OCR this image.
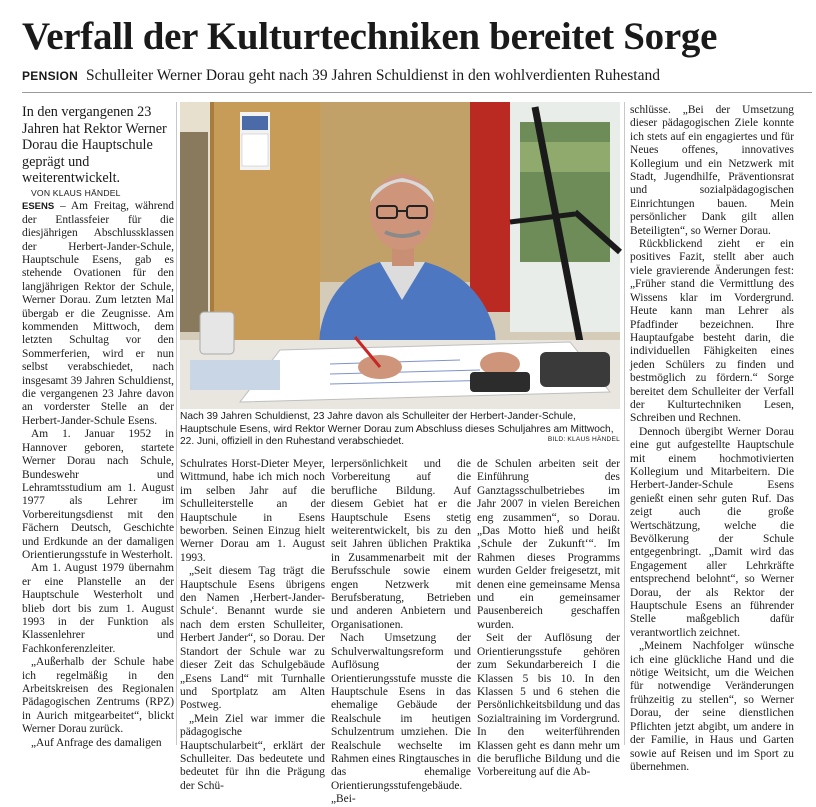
Verfall der Kulturtechniken bereitet Sorge
PENSION Schulleiter Werner Dorau geht nach 39 Jahren Schuldienst in den wohlverdienten Ruhestand

In den vergangenen 23 Jahren hat Rektor Werner Dorau die Hauptschule geprägt und weiterentwickelt.

VON KLAUS HÄNDEL

ESENS – Am Freitag, während der Entlassfeier für die diesjährigen Abschlussklassen der Herbert-Jander-Schule, Hauptschule Esens, gab es stehende Ovationen für den langjährigen Rektor der Schule, Werner Dorau. Zum letzten Mal übergab er die Zeugnisse. Am kommenden Mittwoch, dem letzten Schultag vor den Sommerferien, wird er nun selbst verabschiedet, nach insgesamt 39 Jahren Schuldienst, die vergangenen 23 Jahre davon an vorderster Stelle an der Herbert-Jander-Schule Esens.

Am 1. Januar 1952 in Hannover geboren, startete Werner Dorau nach Schule, Bundeswehr und Lehramtsstudium am 1. August 1977 als Lehrer im Vorbereitungsdienst mit den Fächern Deutsch, Geschichte und Erdkunde an der damaligen Orientierungsstufe in Westerholt.

Am 1. August 1979 übernahm er eine Planstelle an der Hauptschule Westerholt und blieb dort bis zum 1. August 1993 in der Funktion als Klassenlehrer und Fachkonferenzleiter.

„Außerhalb der Schule habe ich regelmäßig in den Arbeitskreisen des Regionalen Pädagogischen Zentrums (RPZ) in Aurich mitgearbeitet“, blickt Werner Dorau zurück.

„Auf Anfrage des damaligen

Nach 39 Jahren Schuldienst, 23 Jahre davon als Schulleiter der Herbert-Jander-Schule, Hauptschule Esens, wird Rektor Werner Dorau zum Abschluss dieses Schuljahres am Mittwoch, 22. Juni, offiziell in den Ruhestand verabschiedet.	BILD: KLAUS HÄNDEL

Schulrates Horst-Dieter Meyer, Wittmund, habe ich mich noch im selben Jahr auf die Schulleiterstelle an der Hauptschule in Esens beworben. Seinen Einzug hielt Werner Dorau am 1. August 1993.

„Seit diesem Tag trägt die Hauptschule Esens übrigens den Namen ‚Herbert-Jander-Schule‘. Benannt wurde sie nach dem ersten Schulleiter, Herbert Jander“, so Dorau. Der Standort der Schule war zu dieser Zeit das Schulgebäude „Esens Land“ mit Turnhalle und Sportplatz am Alten Postweg.

„Mein Ziel war immer die pädagogische Hauptschularbeit“, erklärt der Schulleiter. Das bedeutete und bedeutet für ihn die Prägung der Schü-

lerpersönlichkeit und die Vorbereitung auf die berufliche Bildung. Auf diesem Gebiet hat er die Hauptschule Esens stetig weiterentwickelt, bis zu den seit Jahren üblichen Praktika in Zusammenarbeit mit der Berufsschule sowie einem engen Netzwerk mit Berufsberatung, Betrieben und anderen Anbietern und Organisationen.

Nach Umsetzung der Schulverwaltungsreform und Auflösung der Orientierungsstufe musste die Hauptschule Esens in das ehemalige Gebäude der Realschule im heutigen Schulzentrum umziehen. Die Realschule wechselte im Rahmen eines Ringtausches in das ehemalige Orientierungsstufengebäude. „Bei-

de Schulen arbeiten seit der Einführung des Ganztagsschulbetriebes im Jahr 2007 in vielen Bereichen eng zusammen“, so Dorau. „Das Motto hieß und heißt ‚Schule der Zukunft‘“. Im Rahmen dieses Programms wurden Gelder freigesetzt, mit denen eine gemeinsame Mensa und ein gemeinsamer Pausenbereich geschaffen wurden.

Seit der Auflösung der Orientierungsstufe gehören zum Sekundarbereich I die Klassen 5 bis 10. In den Klassen 5 und 6 stehen die Persönlichkeitsbildung und das Sozialtraining im Vordergrund. In den weiterführenden Klassen geht es dann mehr um die berufliche Bildung und die Vorbereitung auf die Ab-

schlüsse. „Bei der Umsetzung dieser pädagogischen Ziele konnte ich stets auf ein engagiertes und für Neues offenes, innovatives Kollegium und ein Netzwerk mit Stadt, Jugendhilfe, Präventionsrat und sozialpädagogischen Einrichtungen bauen. Mein persönlicher Dank gilt allen Beteiligten“, so Werner Dorau.

Rückblickend zieht er ein positives Fazit, stellt aber auch viele gravierende Änderungen fest: „Früher stand die Vermittlung des Wissens klar im Vordergrund. Heute kann man Lehrer als Pfadfinder bezeichnen. Ihre Hauptaufgabe besteht darin, die individuellen Fähigkeiten eines jeden Schülers zu finden und bestmöglich zu fördern.“ Sorge bereitet dem Schulleiter der Verfall der Kulturtechniken Lesen, Schreiben und Rechnen.

Dennoch übergibt Werner Dorau eine gut aufgestellte Hauptschule mit einem hochmotivierten Kollegium und Mitarbeitern. Die Herbert-Jander-Schule Esens genießt einen sehr guten Ruf. Das zeigt auch die große Wertschätzung, welche die Bevölkerung der Schule entgegenbringt. „Damit wird das Engagement aller Lehrkräfte entsprechend belohnt“, so Werner Dorau, der als Rektor der Hauptschule Esens an führender Stelle maßgeblich dafür verantwortlich zeichnet.

„Meinem Nachfolger wünsche ich eine glückliche Hand und die nötige Weitsicht, um die Weichen für notwendige Veränderungen frühzeitig zu stellen“, so Werner Dorau, der seine dienstlichen Pflichten jetzt abgibt, um andere in der Familie, in Haus und Garten sowie auf Reisen und im Sport zu übernehmen.
